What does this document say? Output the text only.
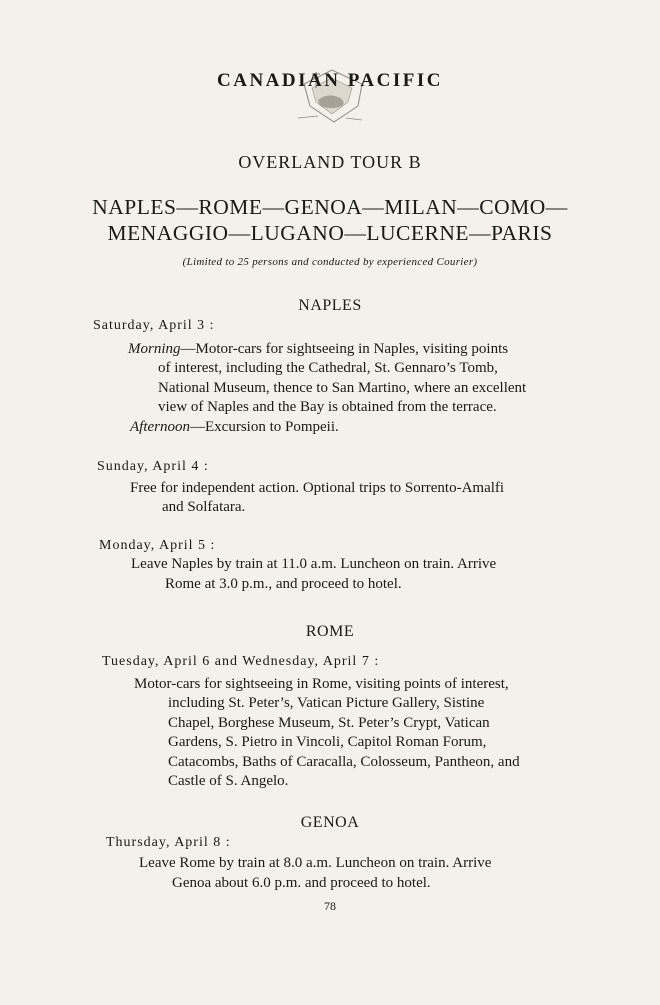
CANADIAN PACIFIC
OVERLAND TOUR B
NAPLES—ROME—GENOA—MILAN—COMO—
MENAGGIO—LUGANO—LUCERNE—PARIS
(Limited to 25 persons and conducted by experienced Courier)
NAPLES
Saturday, April 3 :
Morning—Motor-cars for sightseeing in Naples, visiting points
of interest, including the Cathedral, St. Gennaro’s Tomb,
National Museum, thence to San Martino, where an excellent
view of Naples and the Bay is obtained from the terrace.
Afternoon—Excursion to Pompeii.
Sunday, April 4 :
Free for independent action. Optional trips to Sorrento-Amalfi
and Solfatara.
Monday, April 5 :
Leave Naples by train at 11.0 a.m. Luncheon on train. Arrive
Rome at 3.0 p.m., and proceed to hotel.
ROME
Tuesday, April 6 and Wednesday, April 7 :
Motor-cars for sightseeing in Rome, visiting points of interest,
including St. Peter’s, Vatican Picture Gallery, Sistine
Chapel, Borghese Museum, St. Peter’s Crypt, Vatican
Gardens, S. Pietro in Vincoli, Capitol Roman Forum,
Catacombs, Baths of Caracalla, Colosseum, Pantheon, and
Castle of S. Angelo.
GENOA
Thursday, April 8 :
Leave Rome by train at 8.0 a.m. Luncheon on train. Arrive
Genoa about 6.0 p.m. and proceed to hotel.
78
